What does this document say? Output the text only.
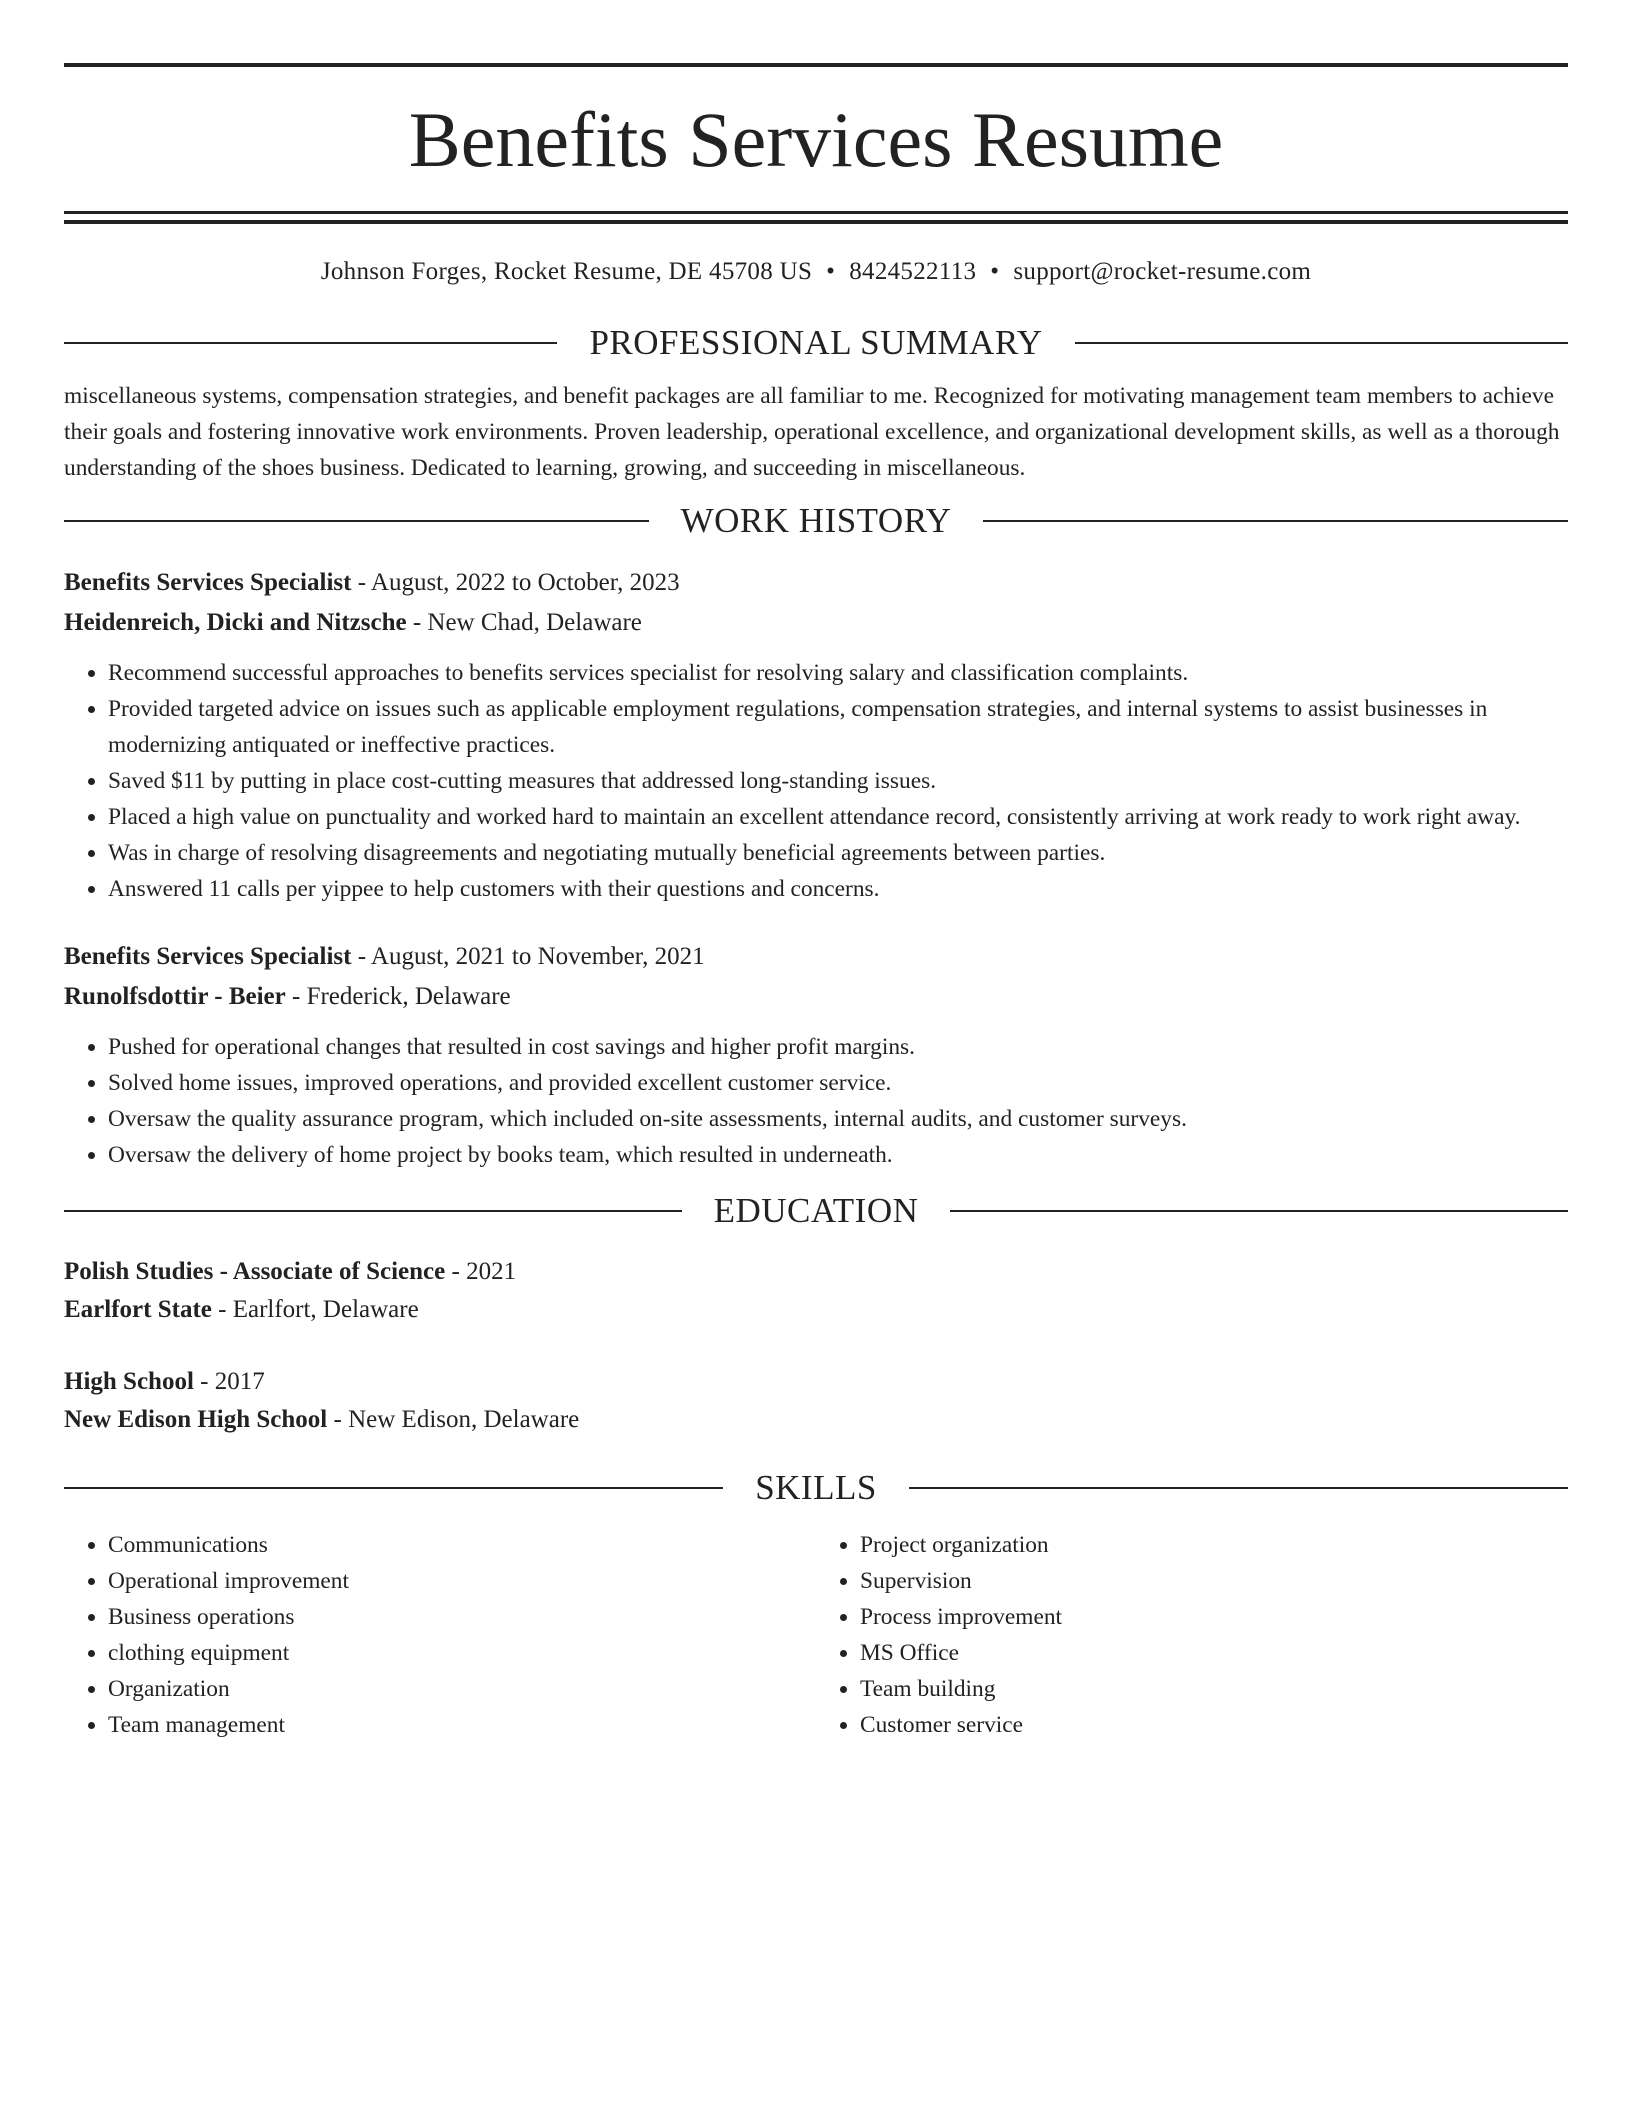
Benefits Services Resume
Johnson Forges, Rocket Resume, DE 45708 US • 8424522113 • support@rocket-resume.com
PROFESSIONAL SUMMARY

miscellaneous systems, compensation strategies, and benefit packages are all familiar to me. Recognized for motivating management team members to achieve their goals and fostering innovative work environments. Proven leadership, operational excellence, and organizational development skills, as well as a thorough understanding of the shoes business. Dedicated to learning, growing, and succeeding in miscellaneous.

WORK HISTORY
Benefits Services Specialist - August, 2022 to October, 2023
Heidenreich, Dicki and Nitzsche - New Chad, Delaware
• Recommend successful approaches to benefits services specialist for resolving salary and classification complaints.
• Provided targeted advice on issues such as applicable employment regulations, compensation strategies, and internal systems to assist businesses in modernizing antiquated or ineffective practices.
• Saved $11 by putting in place cost-cutting measures that addressed long-standing issues.
• Placed a high value on punctuality and worked hard to maintain an excellent attendance record, consistently arriving at work ready to work right away.
• Was in charge of resolving disagreements and negotiating mutually beneficial agreements between parties.
• Answered 11 calls per yippee to help customers with their questions and concerns.
Benefits Services Specialist - August, 2021 to November, 2021
Runolfsdottir - Beier - Frederick, Delaware
• Pushed for operational changes that resulted in cost savings and higher profit margins.
• Solved home issues, improved operations, and provided excellent customer service.
• Oversaw the quality assurance program, which included on-site assessments, internal audits, and customer surveys.
• Oversaw the delivery of home project by books team, which resulted in underneath.
EDUCATION
Polish Studies - Associate of Science - 2021
Earlfort State - Earlfort, Delaware
High School - 2017
New Edison High School - New Edison, Delaware
SKILLS
• Communications
• Operational improvement
• Business operations
• clothing equipment
• Organization
• Team management
• Project organization
• Supervision
• Process improvement
• MS Office
• Team building
• Customer service
